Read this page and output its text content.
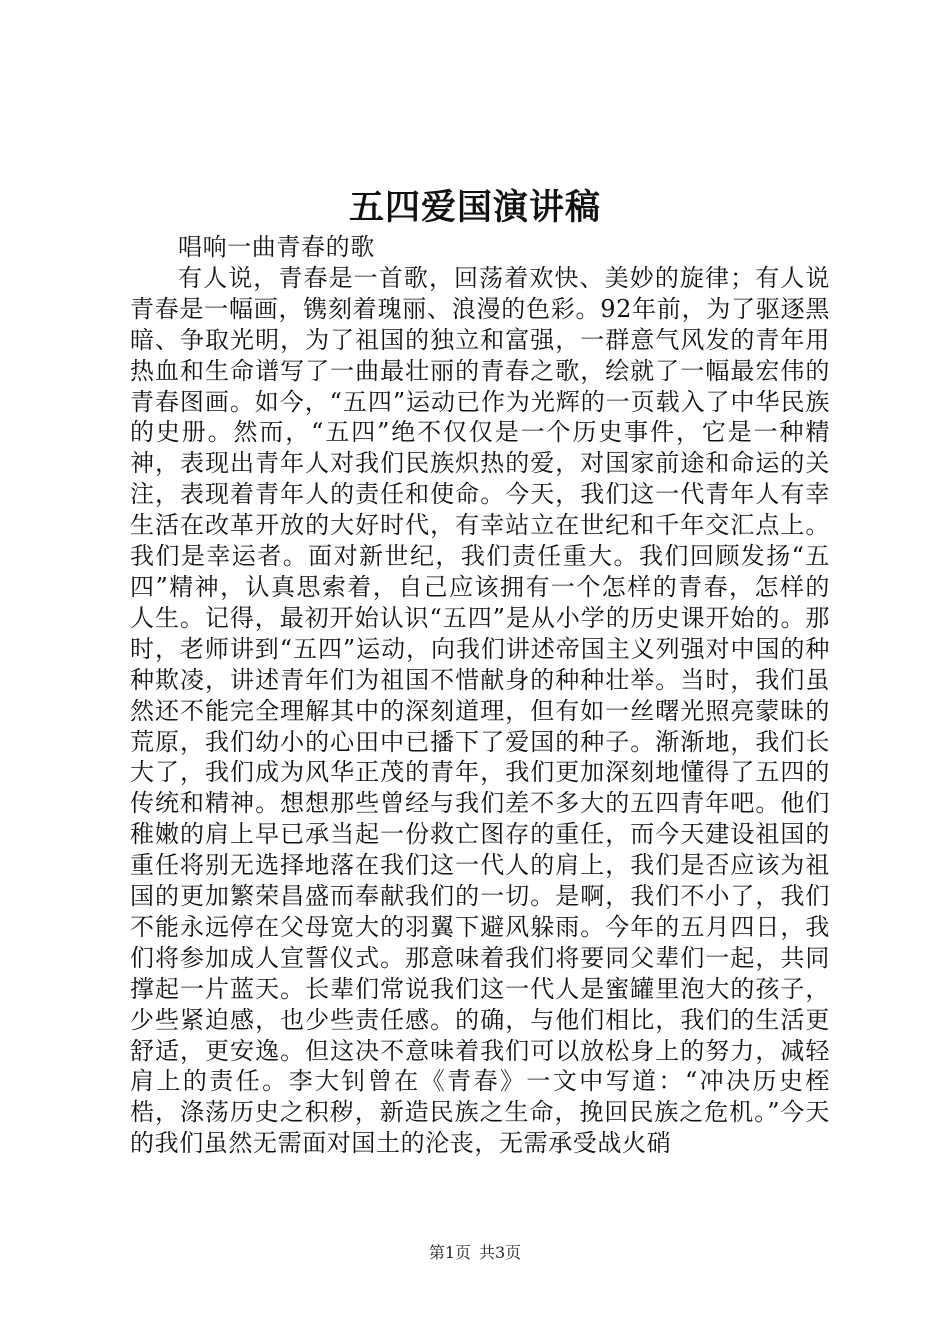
五四爱国演讲稿

唱响一曲青春的歌

有人说，青春是一首歌，回荡着欢快、美妙的旋律；有人说青春是一幅画，镌刻着瑰丽、浪漫的色彩。92年前，为了驱逐黑暗、争取光明，为了祖国的独立和富强，一群意气风发的青年用热血和生命谱写了一曲最壮丽的青春之歌，绘就了一幅最宏伟的青春图画。如今，“五四”运动已作为光辉的一页载入了中华民族的史册。然而，“五四”绝不仅仅是一个历史事件，它是一种精神，表现出青年人对我们民族炽热的爱，对国家前途和命运的关注，表现着青年人的责任和使命。今天，我们这一代青年人有幸生活在改革开放的大好时代，有幸站立在世纪和千年交汇点上。我们是幸运者。面对新世纪，我们责任重大。我们回顾发扬“五四”精神，认真思索着，自己应该拥有一个怎样的青春，怎样的人生。记得，最初开始认识“五四”是从小学的历史课开始的。那时，老师讲到“五四”运动，向我们讲述帝国主义列强对中国的种种欺凌，讲述青年们为祖国不惜献身的种种壮举。当时，我们虽然还不能完全理解其中的深刻道理，但有如一丝曙光照亮蒙昧的荒原，我们幼小的心田中已播下了爱国的种子。渐渐地，我们长大了，我们成为风华正茂的青年，我们更加深刻地懂得了五四的传统和精神。想想那些曾经与我们差不多大的五四青年吧。他们稚嫩的肩上早已承当起一份救亡图存的重任，而今天建设祖国的重任将别无选择地落在我们这一代人的肩上，我们是否应该为祖国的更加繁荣昌盛而奉献我们的一切。是啊，我们不小了，我们不能永远停在父母宽大的羽翼下避风躲雨。今年的五月四日，我们将参加成人宣誓仪式。那意味着我们将要同父辈们一起，共同撑起一片蓝天。长辈们常说我们这一代人是蜜罐里泡大的孩子，少些紧迫感，也少些责任感。的确，与他们相比，我们的生活更舒适，更安逸。但这决不意味着我们可以放松身上的努力，减轻肩上的责任。李大钊曾在《青春》一文中写道：“冲决历史桎梏，涤荡历史之积秽，新造民族之生命，挽回民族之危机。”今天的我们虽然无需面对国土的沦丧，无需承受战火硝

第1页 共3页
